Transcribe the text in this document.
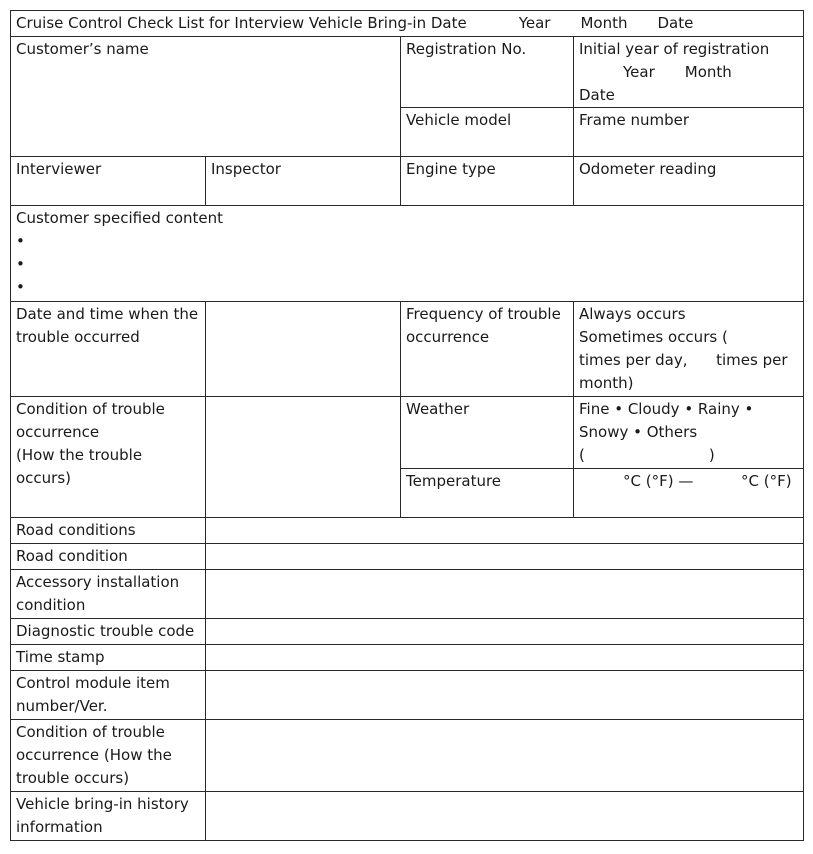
Cruise Control Check List for Interview Vehicle Bring-in Date Year Month Date			
Customer’s name		Registration No.	Initial year of registration
Year Month
Date
		Vehicle model	Frame number
Interviewer	Inspector	Engine type	Odometer reading
Customer specified content
•
•
•			

Date and time when the trouble occurred		Frequency of trouble occurrence	Always occurs
Sometimes occurs (
times per day,      times per month)
Condition of trouble occurrence
(How the trouble occurs)		Weather	Fine • Cloudy • Rainy • Snowy • Others
(                          )
		Temperature	°C (°F) —          °C (°F)
Road conditions			
Road condition			
Accessory installation condition			
Diagnostic trouble code			
Time stamp			
Control module item number/Ver.			
Condition of trouble occurrence (How the trouble occurs)			
Vehicle bring-in history information			
